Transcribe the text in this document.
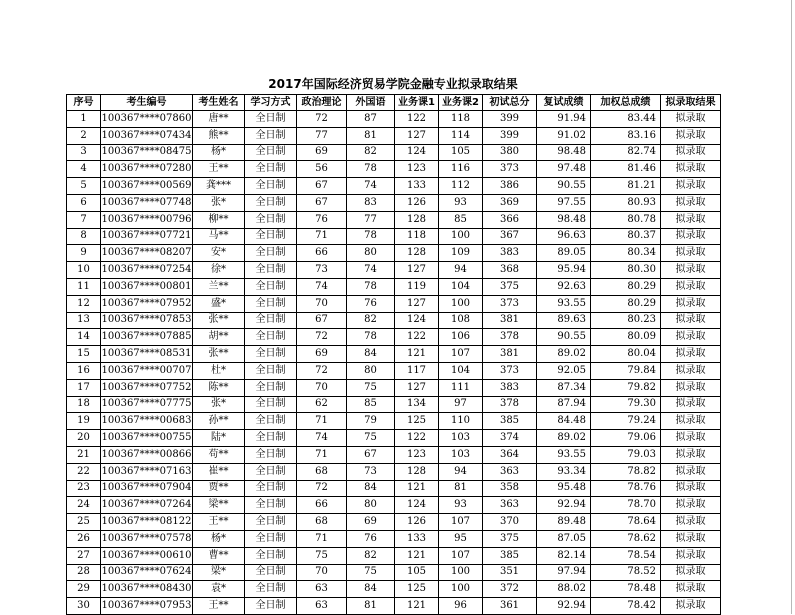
2017年国际经济贸易学院金融专业拟录取结果
序号	考生编号	考生姓名	学习方式	政治理论	外国语	业务课1	业务课2	初试总分	复试成绩	加权总成绩	拟录取结果
1	100367****07860	唐**	全日制	72	87	122	118	399	91.94	83.44	拟录取
2	100367****07434	熊**	全日制	77	81	127	114	399	91.02	83.16	拟录取
3	100367****08475	杨*	全日制	69	82	124	105	380	98.48	82.74	拟录取
4	100367****07280	王**	全日制	56	78	123	116	373	97.48	81.46	拟录取
5	100367****00569	龚***	全日制	67	74	133	112	386	90.55	81.21	拟录取
6	100367****07748	张*	全日制	67	83	126	93	369	97.55	80.93	拟录取
7	100367****00796	柳**	全日制	76	77	128	85	366	98.48	80.78	拟录取
8	100367****07721	马**	全日制	71	78	118	100	367	96.63	80.37	拟录取
9	100367****08207	安*	全日制	66	80	128	109	383	89.05	80.34	拟录取
10	100367****07254	徐*	全日制	73	74	127	94	368	95.94	80.30	拟录取
11	100367****00801	兰**	全日制	74	78	119	104	375	92.63	80.29	拟录取
12	100367****07952	盛*	全日制	70	76	127	100	373	93.55	80.29	拟录取
13	100367****07853	张**	全日制	67	82	124	108	381	89.63	80.23	拟录取
14	100367****07885	胡**	全日制	72	78	122	106	378	90.55	80.09	拟录取
15	100367****08531	张**	全日制	69	84	121	107	381	89.02	80.04	拟录取
16	100367****00707	杜*	全日制	72	80	117	104	373	92.05	79.84	拟录取
17	100367****07752	陈**	全日制	70	75	127	111	383	87.34	79.82	拟录取
18	100367****07775	张*	全日制	62	85	134	97	378	87.94	79.30	拟录取
19	100367****00683	孙**	全日制	71	79	125	110	385	84.48	79.24	拟录取
20	100367****00755	陆*	全日制	74	75	122	103	374	89.02	79.06	拟录取
21	100367****00866	苟**	全日制	71	67	123	103	364	93.55	79.03	拟录取
22	100367****07163	崔**	全日制	68	73	128	94	363	93.34	78.82	拟录取
23	100367****07904	贾**	全日制	72	84	121	81	358	95.48	78.76	拟录取
24	100367****07264	梁**	全日制	66	80	124	93	363	92.94	78.70	拟录取
25	100367****08122	王**	全日制	68	69	126	107	370	89.48	78.64	拟录取
26	100367****07578	杨*	全日制	71	76	133	95	375	87.05	78.62	拟录取
27	100367****00610	曹**	全日制	75	82	121	107	385	82.14	78.54	拟录取
28	100367****07624	梁*	全日制	70	75	105	100	351	97.94	78.52	拟录取
29	100367****08430	袁*	全日制	63	84	125	100	372	88.02	78.48	拟录取
30	100367****07953	王**	全日制	63	81	121	96	361	92.94	78.42	拟录取
